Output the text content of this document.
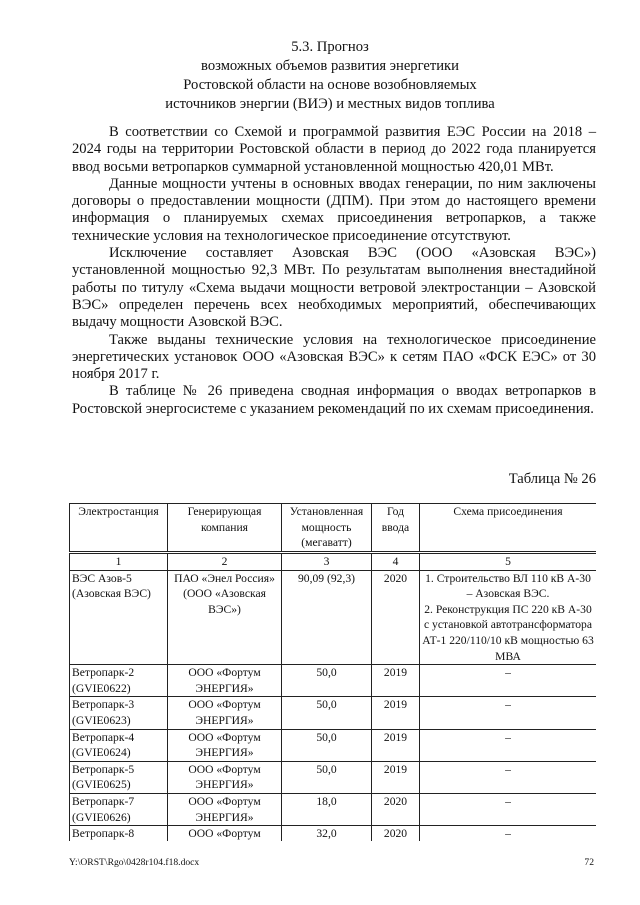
5.3. Прогноз
возможных объемов развития энергетики
Ростовской области на основе возобновляемых
источников энергии (ВИЭ) и местных видов топлива

В соответствии со Схемой и программой развития ЕЭС России на 2018 – 2024 годы на территории Ростовской области в период до 2022 года планируется ввод восьми ветропарков суммарной установленной мощностью 420,01 МВт.

Данные мощности учтены в основных вводах генерации, по ним заключены договоры о предоставлении мощности (ДПМ). При этом до настоящего времени информация о планируемых схемах присоединения ветропарков, а также технические условия на технологическое присоединение отсутствуют.

Исключение составляет Азовская ВЭС (ООО «Азовская ВЭС») установленной мощностью 92,3 МВт. По результатам выполнения внестадийной работы по титулу «Схема выдачи мощности ветровой электростанции – Азовской ВЭС» определен перечень всех необходимых мероприятий, обеспечивающих выдачу мощности Азовской ВЭС.

Также выданы технические условия на технологическое присоединение энергетических установок ООО «Азовская ВЭС» к сетям ПАО «ФСК ЕЭС» от 30 ноября 2017 г.

В таблице № 26 приведена сводная информация о вводах ветропарков в Ростовской энергосистеме с указанием рекомендаций по их схемам присоединения.

Таблица № 26
Электростанция	Генерирующая компания	Установленная мощность (мегаватт)	Год ввода	Схема присоединения
1	2	3	4	5
ВЭС Азов-5 (Азовская ВЭС)	ПАО «Энел Россия» (ООО «Азовская ВЭС»)	90,09 (92,3)	2020	1. Строительство ВЛ 110 кВ А-30 – Азовская ВЭС.
2. Реконструкция ПС 220 кВ А-30 с установкой автотрансформатора АТ-1 220/110/10 кВ мощностью 63 МВА

Ветропарк-2 (GVIE0622)	ООО «Фортум ЭНЕРГИЯ»	50,0	2019	–

Ветропарк-3 (GVIE0623)	ООО «Фортум ЭНЕРГИЯ»	50,0	2019	–

Ветропарк-4 (GVIE0624)	ООО «Фортум ЭНЕРГИЯ»	50,0	2019	–

Ветропарк-5 (GVIE0625)	ООО «Фортум ЭНЕРГИЯ»	50,0	2019	–

Ветропарк-7 (GVIE0626)	ООО «Фортум ЭНЕРГИЯ»	18,0	2020	–

Ветропарк-8	ООО «Фортум	32,0	2020	–
Y:\ORST\Rgo\0428r104.f18.docx	72
